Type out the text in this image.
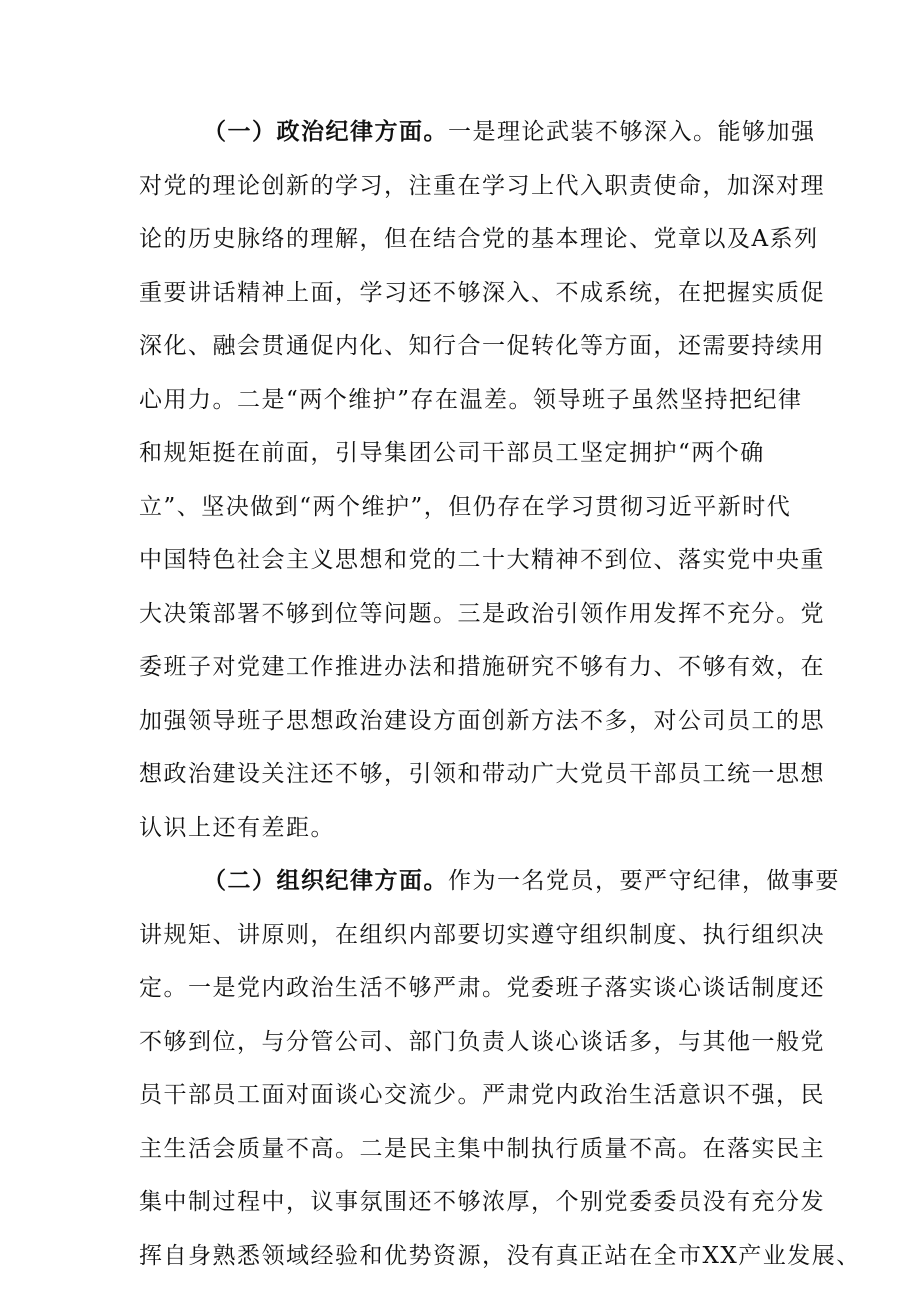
（一）政治纪律方面。一是理论武装不够深入。能够加强
对党的理论创新的学习，注重在学习上代入职责使命，加深对理
论的历史脉络的理解，但在结合党的基本理论、党章以及A系列
重要讲话精神上面，学习还不够深入、不成系统，在把握实质促
深化、融会贯通促内化、知行合一促转化等方面，还需要持续用
心用力。二是“两个维护”存在温差。领导班子虽然坚持把纪律
和规矩挺在前面，引导集团公司干部员工坚定拥护“两个确
立”、坚决做到“两个维护”，但仍存在学习贯彻习近平新时代
中国特色社会主义思想和党的二十大精神不到位、落实党中央重
大决策部署不够到位等问题。三是政治引领作用发挥不充分。党
委班子对党建工作推进办法和措施研究不够有力、不够有效，在
加强领导班子思想政治建设方面创新方法不多，对公司员工的思
想政治建设关注还不够，引领和带动广大党员干部员工统一思想
认识上还有差距。
（二）组织纪律方面。作为一名党员，要严守纪律，做事要
讲规矩、讲原则，在组织内部要切实遵守组织制度、执行组织决
定。一是党内政治生活不够严肃。党委班子落实谈心谈话制度还
不够到位，与分管公司、部门负责人谈心谈话多，与其他一般党
员干部员工面对面谈心交流少。严肃党内政治生活意识不强，民
主生活会质量不高。二是民主集中制执行质量不高。在落实民主
集中制过程中，议事氛围还不够浓厚，个别党委委员没有充分发
挥自身熟悉领域经验和优势资源，没有真正站在全市XX产业发展、
